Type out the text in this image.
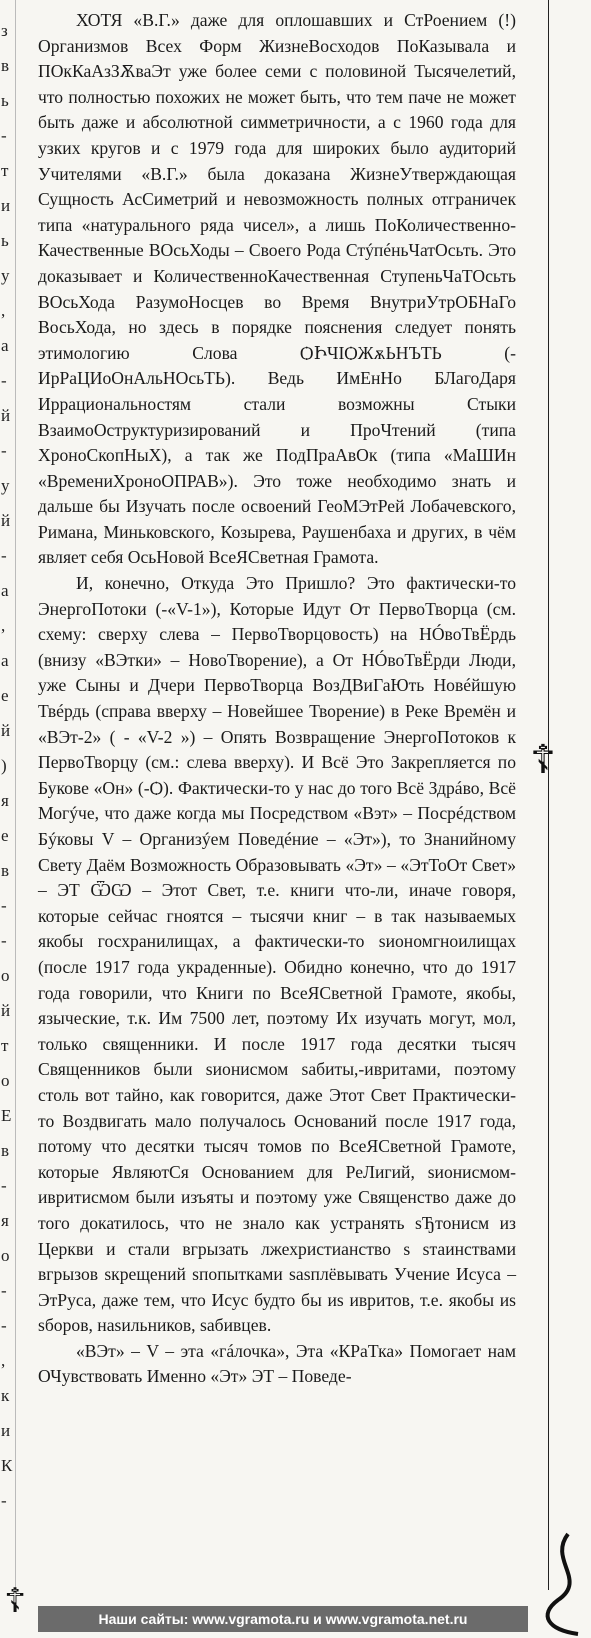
з
в
ь
-
т
и
ь
у
,
а
-
й
-
у
й
-
а
,
а
е
й
)
я
е
в
-
-
о
й
т
о
Е
в
-
я
о
-
-
,
к
и
К
-

ХОТЯ «В.Г.» даже для оплошавших и СтРоением (!) Организмов Всех Форм ЖизнеВосходов ПоКазывала и ПОкКаАзЗѪваЭт уже более семи с половиной Тысячелетий, что полностью похожих не может быть, что тем паче не может быть даже и абсолютной симметричности, а с 1960 года для узких кругов и с 1979 года для широких было аудиторий Учителями «В.Г.» была доказана ЖизнеУтверждающая Сущность АсСиметрий и невозможность полных отграничек типа «натурального ряда чисел», а лишь ПоКоличественно-Качественные ВОсьХоды – Своего Рода СтýпéньЧатОсьть. Это доказывает и КоличественноКачественная СтупеньЧаТОсьть ВОсьХода РазумоНосцев во Время ВнутриУтрОБНаГо ВосьХода, но здесь в порядке пояснения следует понять этимологию Слова ѺԻЧІѺЖѫЬНЪТЬ (-ИрРаЦИоОнАльНОсьТЬ). Ведь ИмЕнНо БЛагоДаря Иррациональностям стали возможны Стыки ВзаимоОструктуризирований и ПроЧтений (типа ХроноСкопНыХ), а так же ПодПраАвОк (типа «МаШИн «ВремениХроноОПРАВ»). Это тоже необходимо знать и дальше бы Изучать после освоений ГеоМЭтРей Лобачевского, Римана, Миньковского, Козырева, Раушенбаха и других, в чём являет себя ОсьНовой ВсеЯСветная Грамота.

И, конечно, Откуда Это Пришло? Это фактически-то ЭнергоПотоки (-«V-1»), Которые Идут От ПервоТворца (см. схему: сверху слева – ПервоТворцовость) на НÓвоТвЁрдь (внизу «ВЭтки» – НовоТворение), а От НÓвоТвЁрди Люди, уже Сыны и Дчери ПервоТворца ВозДВиГаЮть Новéйшую Твéрдь (справа вверху – Новейшее Творение) в Реке Времён и «ВЭт-2» ( - «V-2 ») – Опять Возвращение ЭнергоПотоков к ПервоТворцу (см.: слева вверху). И Всё Это Закрепляется по Букове «Он» (-Ѻ). Фактически-то у нас до того Всё Здрáво, Всё Могýче, что даже когда мы Посредством «Вэт» – Посрéдством Бýковы V – Организýем Поведéние – «Эт»), то Знанийному Свету Даём Возможность Образовывать «Эт» – «ЭтТоОт Свет» – ЭТ ѾѠ – Этот Свет, т.е. книги что-ли, иначе говоря, которые сейчас гноятся – тысячи книг – в так называемых якобы госхранилищах, а фактически-то ѕиономгноилищах (после 1917 года украденные). Обидно конечно, что до 1917 года говорили, что Книги по ВсеЯСветной Грамоте, якобы, языческие, т.к. Им 7500 лет, поэтому Их изучать могут, мол, только священники. И после 1917 года десятки тысяч Священников были ѕионисмом ѕабиты,-ивритами, поэтому столь вот тайно, как говорится, даже Этот Свет Практически-то Воздвигать мало получалось Оснований после 1917 года, потому что десятки тысяч томов по ВсеЯСветной Грамоте, которые ЯвляютСя Основанием для РеЛигий, ѕионисмом-ивритисмом были изъяты и поэтому уже Священство даже до того докатилось, что не знало как устранять ѕЂтонисм из Церкви и стали вгрызать лжехристианство ѕ ѕтаинствами вгрызов ѕкрещений ѕпопытками ѕаѕплёвывать Учение Исуса – ЭтРуса, даже тем, что Исус будто бы иѕ ивритов, т.е. якобы иѕ ѕборов, наѕильников, ѕабивцев.

«ВЭт» – V – эта «гáлочка», Эта «КРаТка» Помогает нам ОЧувствовать Именно «Эт» ЭТ – Поведе-

☦
☦	Наши сайты: www.vgramota.ru и www.vgramota.net.ru
